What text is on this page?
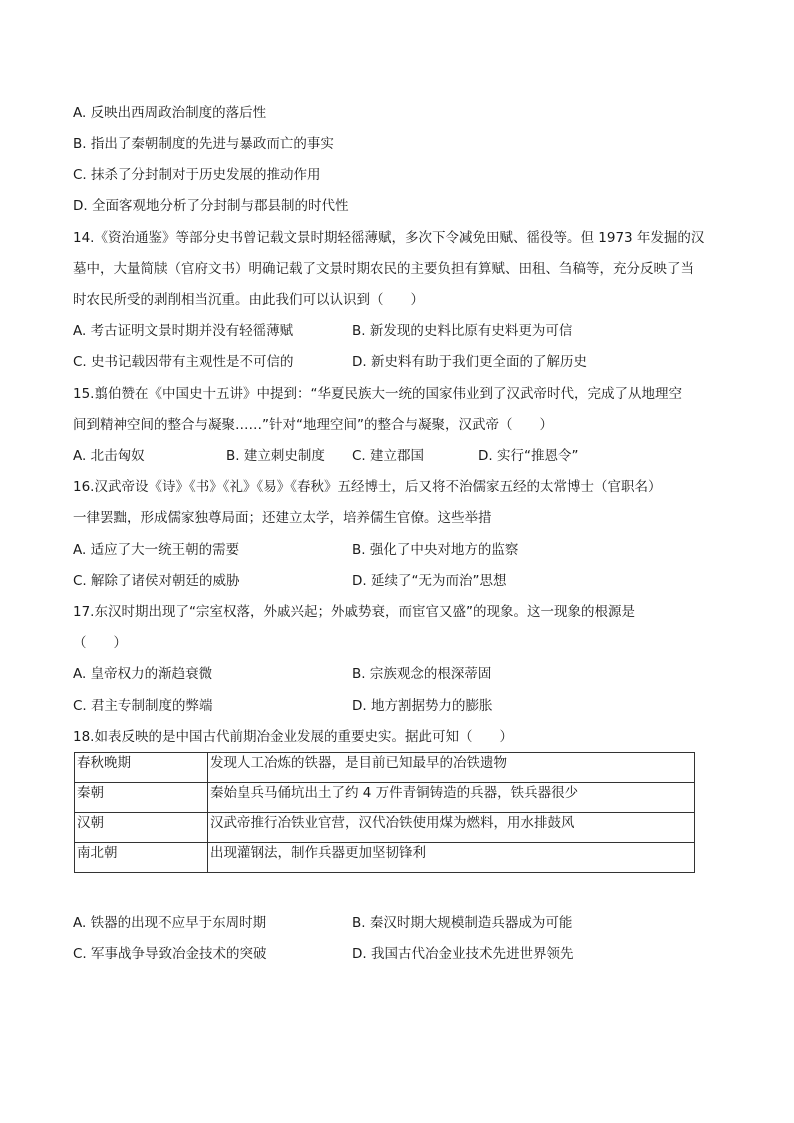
A. 反映出西周政治制度的落后性
B. 指出了秦朝制度的先进与暴政而亡的事实
C. 抹杀了分封制对于历史发展的推动作用
D. 全面客观地分析了分封制与郡县制的时代性
14.《资治通鉴》等部分史书曾记载文景时期轻徭薄赋，多次下令减免田赋、徭役等。但 1973 年发掘的汉
墓中，大量简牍（官府文书）明确记载了文景时期农民的主要负担有算赋、田租、刍稿等，充分反映了当
时农民所受的剥削相当沉重。由此我们可以认识到（　　）
A. 考古证明文景时期并没有轻徭薄赋	B. 新发现的史料比原有史料更为可信
C. 史书记载因带有主观性是不可信的	D. 新史料有助于我们更全面的了解历史
15.翦伯赞在《中国史十五讲》中提到：“华夏民族大一统的国家伟业到了汉武帝时代，完成了从地理空
间到精神空间的整合与凝聚……”针对“地理空间”的整合与凝聚，汉武帝（　　）
A. 北击匈奴	B. 建立刺史制度 C. 建立郡国	D. 实行“推恩令”
16.汉武帝设《诗》《书》《礼》《易》《春秋》五经博士，后又将不治儒家五经的太常博士（官职名）
一律罢黜，形成儒家独尊局面；还建立太学，培养儒生官僚。这些举措
A. 适应了大一统王朝的需要	B. 强化了中央对地方的监察
C. 解除了诸侯对朝廷的威胁	D. 延续了“无为而治”思想
17.东汉时期出现了“宗室权落，外戚兴起；外戚势衰，而宦官又盛”的现象。这一现象的根源是
（　　）
A. 皇帝权力的渐趋衰微	B. 宗族观念的根深蒂固
C. 君主专制制度的弊端	D. 地方割据势力的膨胀
18.如表反映的是中国古代前期冶金业发展的重要史实。据此可知（　　）
春秋晚期	发现人工冶炼的铁器，是目前已知最早的冶铁遗物
秦朝	秦始皇兵马俑坑出土了约 4 万件青铜铸造的兵器，铁兵器很少
汉朝	汉武帝推行冶铁业官营，汉代冶铁使用煤为燃料，用水排鼓风
南北朝	出现灌钢法，制作兵器更加坚韧锋利
A. 铁器的出现不应早于东周时期	B. 秦汉时期大规模制造兵器成为可能
C. 军事战争导致冶金技术的突破	D. 我国古代冶金业技术先进世界领先
